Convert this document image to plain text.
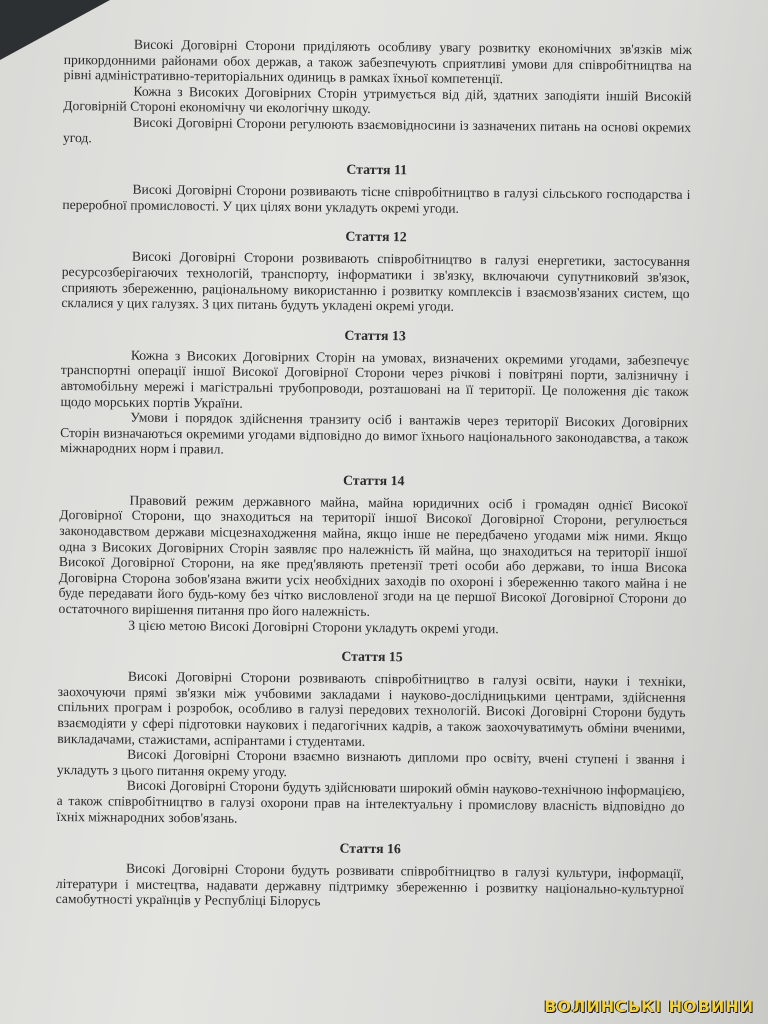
Високі Договірні Сторони приділяють особливу увагу розвитку економічних зв'язків між прикордонними районами обох держав, а також забезпечують сприятливі умови для співробітництва на рівні адміністративно-територіальних одиниць в рамках їхньої компетенції.

Кожна з Високих Договірних Сторін утримується від дій, здатних заподіяти іншій Високій Договірній Стороні економічну чи екологічну шкоду.

Високі Договірні Сторони регулюють взаємовідносини із зазначених питань на основі окремих угод.

Стаття 11

Високі Договірні Сторони розвивають тісне співробітництво в галузі сільського господарства і переробної промисловості. У цих цілях вони укладуть окремі угоди.

Стаття 12

Високі Договірні Сторони розвивають співробітництво в галузі енергетики, застосування ресурсозберігаючих технологій, транспорту, інформатики і зв'язку, включаючи супутниковий зв'язок, сприяють збереженню, раціональному використанню і розвитку комплексів і взаємозв'язаних систем, що склалися у цих галузях. З цих питань будуть укладені окремі угоди.

Стаття 13

Кожна з Високих Договірних Сторін на умовах, визначених окремими угодами, забезпечує транспортні операції іншої Високої Договірної Сторони через річкові і повітряні порти, залізничну і автомобільну мережі і магістральні трубопроводи, розташовані на її території. Це положення діє також щодо морських портів України.

Умови і порядок здійснення транзиту осіб і вантажів через території Високих Договірних Сторін визначаються окремими угодами відповідно до вимог їхнього національного законодавства, а також міжнародних норм і правил.

Стаття 14

Правовий режим державного майна, майна юридичних осіб і громадян однієї Високої Договірної Сторони, що знаходиться на території іншої Високої Договірної Сторони, регулюється законодавством держави місцезнаходження майна, якщо інше не передбачено угодами між ними. Якщо одна з Високих Договірних Сторін заявляє про належність їй майна, що знаходиться на території іншої Високої Договірної Сторони, на яке пред'являють претензії треті особи або держави, то інша Висока Договірна Сторона зобов'язана вжити усіх необхідних заходів по охороні і збереженню такого майна і не буде передавати його будь-кому без чітко висловленої згоди на це першої Високої Договірної Сторони до остаточного вирішення питання про його належність.

З цією метою Високі Договірні Сторони укладуть окремі угоди.

Стаття 15

Високі Договірні Сторони розвивають співробітництво в галузі освіти, науки і техніки, заохочуючи прямі зв'язки між учбовими закладами і науково-дослідницькими центрами, здійснення спільних програм і розробок, особливо в галузі передових технологій. Високі Договірні Сторони будуть взаємодіяти у сфері підготовки наукових і педагогічних кадрів, а також заохочуватимуть обміни вченими, викладачами, стажистами, аспірантами і студентами.

Високі Договірні Сторони взаємно визнають дипломи про освіту, вчені ступені і звання і укладуть з цього питання окрему угоду.

Високі Договірні Сторони будуть здійснювати широкий обмін науково-технічною інформацією, а також співробітництво в галузі охорони прав на інтелектуальну і промислову власність відповідно до їхніх міжнародних зобов'язань.

Стаття 16

Високі Договірні Сторони будуть розвивати співробітництво в галузі культури, інформації, літератури і мистецтва, надавати державну підтримку збереженню і розвитку національно-культурної самобутності українців у Республіці Білорусь

ВОЛИНСЬКІ НОВИНИ
